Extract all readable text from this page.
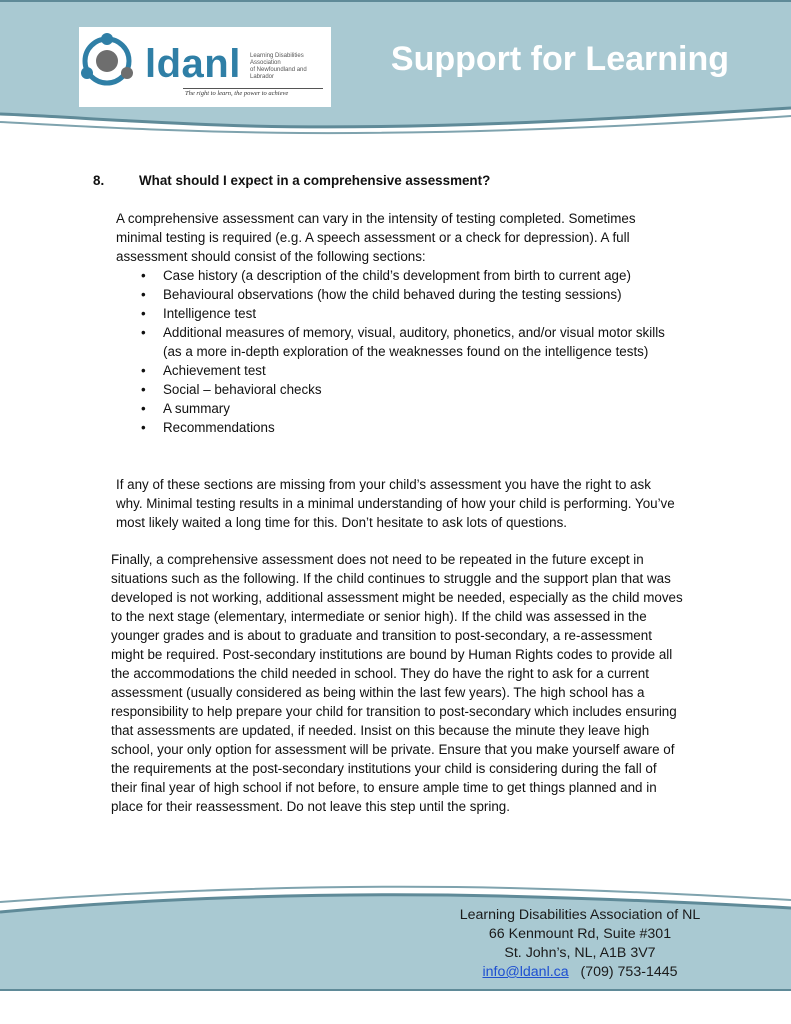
ldanl Learning Disabilities Association
of Newfoundland and Labrador
The right to learn, the power to achieve
Support for Learning
8.	What should I expect in a comprehensive assessment?

A comprehensive assessment can vary in the intensity of testing completed. Sometimes minimal testing is required (e.g. A speech assessment or a check for depression). A full assessment should consist of the following sections:

• Case history (a description of the child’s development from birth to current age)
• Behavioural observations (how the child behaved during the testing sessions)
• Intelligence test
• Additional measures of memory, visual, auditory, phonetics, and/or visual motor skills (as a more in-depth exploration of the weaknesses found on the intelligence tests)
• Achievement test
• Social – behavioral checks
• A summary
• Recommendations

If any of these sections are missing from your child’s assessment you have the right to ask why. Minimal testing results in a minimal understanding of how your child is performing. You’ve most likely waited a long time for this. Don’t hesitate to ask lots of questions.

Finally, a comprehensive assessment does not need to be repeated in the future except in situations such as the following. If the child continues to struggle and the support plan that was developed is not working, additional assessment might be needed, especially as the child moves to the next stage (elementary, intermediate or senior high). If the child was assessed in the younger grades and is about to graduate and transition to post-secondary, a re-assessment might be required. Post-secondary institutions are bound by Human Rights codes to provide all the accommodations the child needed in school. They do have the right to ask for a current assessment (usually considered as being within the last few years). The high school has a responsibility to help prepare your child for transition to post-secondary which includes ensuring that assessments are updated, if needed. Insist on this because the minute they leave high school, your only option for assessment will be private. Ensure that you make yourself aware of the requirements at the post-secondary institutions your child is considering during the fall of their final year of high school if not before, to ensure ample time to get things planned and in place for their reassessment. Do not leave this step until the spring.

Learning Disabilities Association of NL
66 Kenmount Rd, Suite #301
St. John’s, NL, A1B 3V7
info@ldanl.ca (709) 753-1445
